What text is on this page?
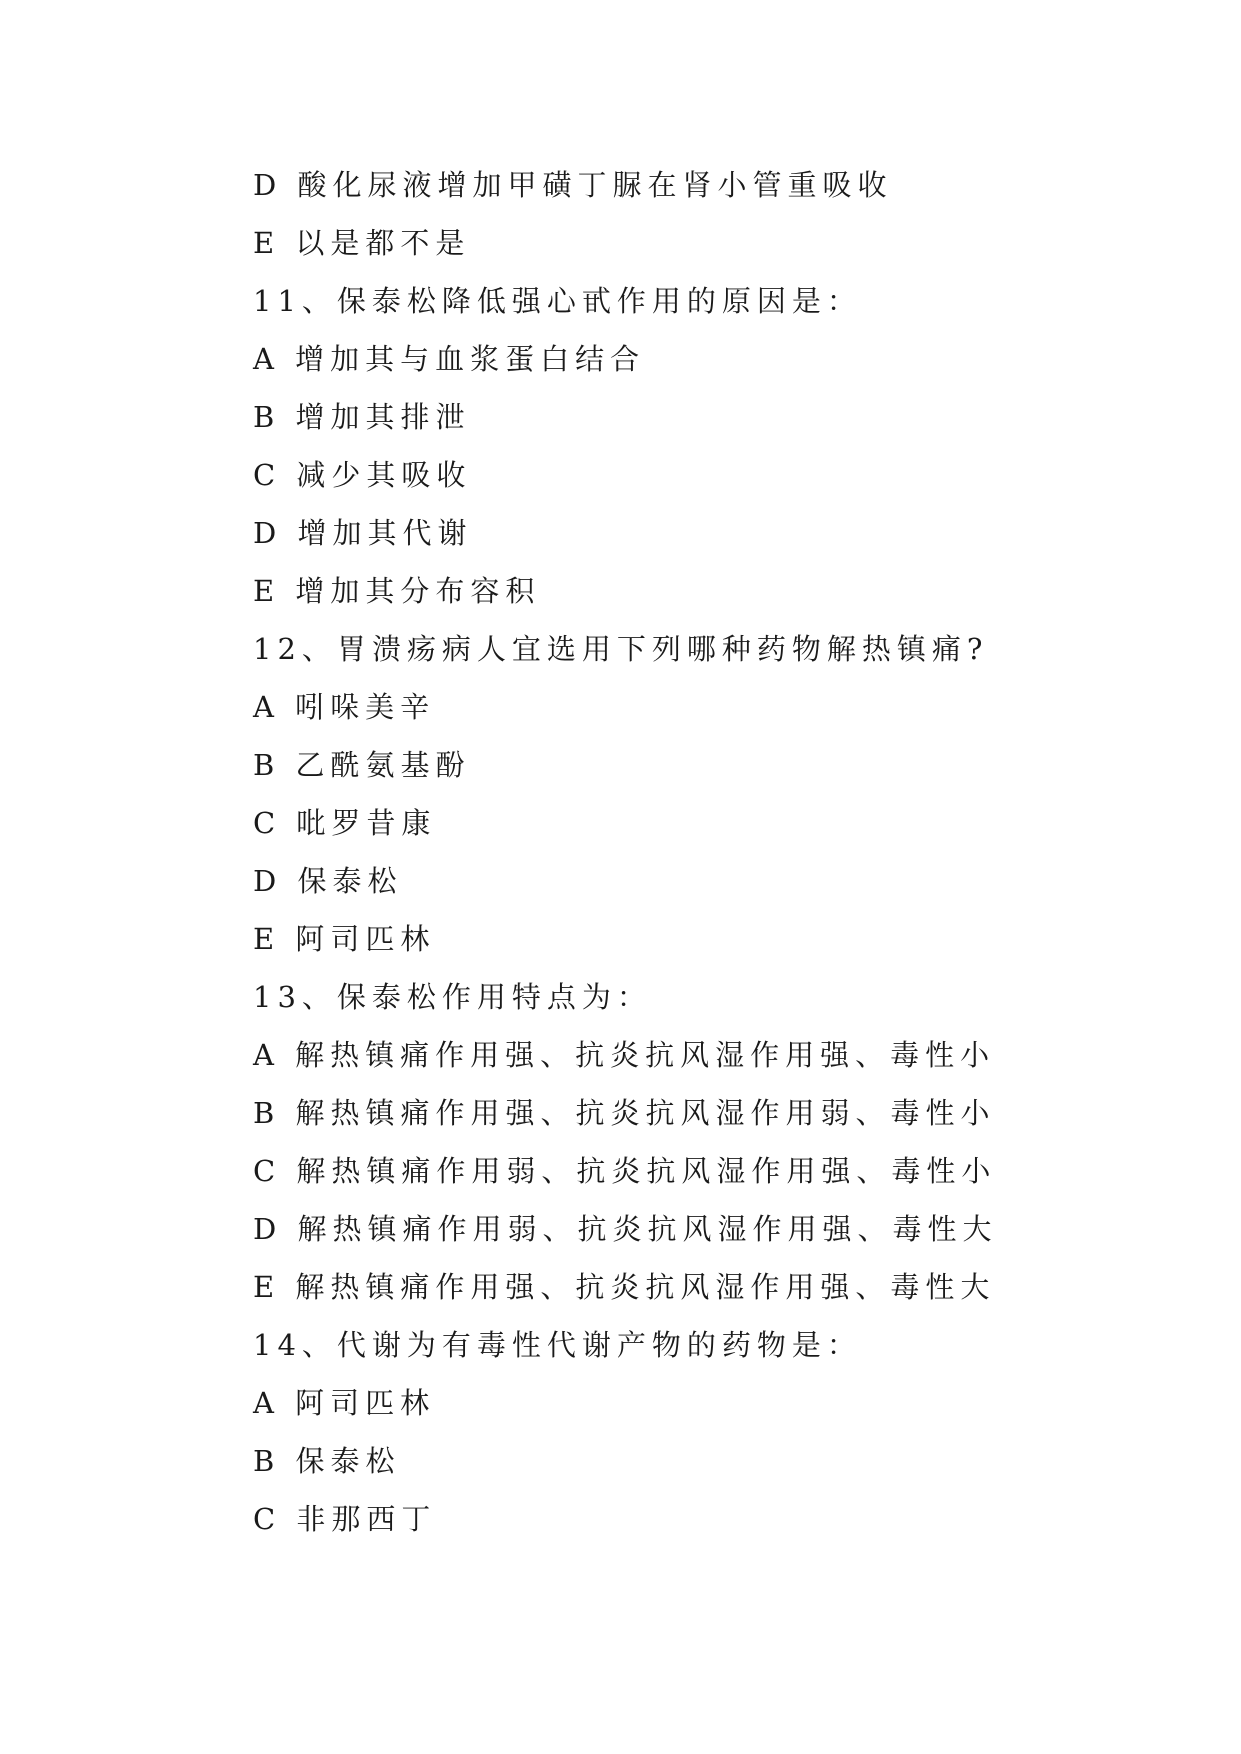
D 酸化尿液增加甲磺丁脲在肾小管重吸收
E 以是都不是
11、保泰松降低强心甙作用的原因是：
A 增加其与血浆蛋白结合
B 增加其排泄
C 减少其吸收
D 增加其代谢
E 增加其分布容积
12、胃溃疡病人宜选用下列哪种药物解热镇痛?
A 吲哚美辛
B 乙酰氨基酚
C 吡罗昔康
D 保泰松
E 阿司匹林
13、保泰松作用特点为：
A 解热镇痛作用强、抗炎抗风湿作用强、毒性小
B 解热镇痛作用强、抗炎抗风湿作用弱、毒性小
C 解热镇痛作用弱、抗炎抗风湿作用强、毒性小
D 解热镇痛作用弱、抗炎抗风湿作用强、毒性大
E 解热镇痛作用强、抗炎抗风湿作用强、毒性大
14、代谢为有毒性代谢产物的药物是：
A 阿司匹林
B 保泰松
C 非那西丁
